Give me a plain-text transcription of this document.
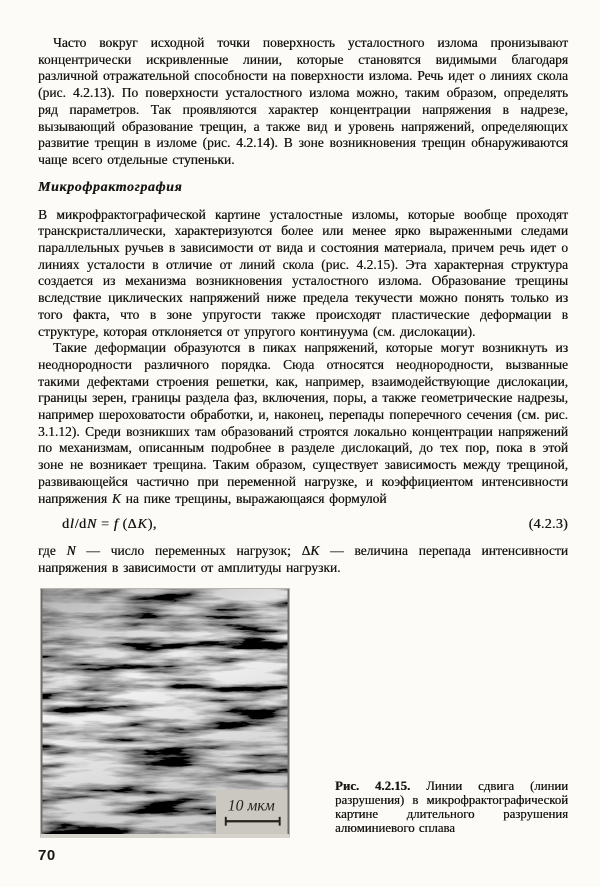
Часто вокруг исходной точки поверхность усталостного излома пронизывают концентрически искривленные линии, которые становятся видимыми благодаря различной отражательной способности на поверхности излома. Речь идет о линиях скола (рис. 4.2.13). По поверхности усталостного излома можно, таким образом, определять ряд параметров. Так проявляются характер концентрации напряжения в надрезе, вызывающий образование трещин, а также вид и уровень напряжений, определяющих развитие трещин в изломе (рис. 4.2.14). В зоне возникновения трещин обнаруживаются чаще всего отдельные ступеньки.

Микрофрактография

В микрофрактографической картине усталостные изломы, которые вообще проходят транскристаллически, характеризуются более или менее ярко выраженными следами параллельных ручьев в зависимости от вида и состояния материала, причем речь идет о линиях усталости в отличие от линий скола (рис. 4.2.15). Эта характерная структура создается из механизма возникновения усталостного излома. Образование трещины вследствие циклических напряжений ниже предела текучести можно понять только из того факта, что в зоне упругости также происходят пластические деформации в структуре, которая отклоняется от упругого континуума (см. дислокации).

Такие деформации образуются в пиках напряжений, которые могут возникнуть из неоднородности различного порядка. Сюда относятся неоднородности, вызванные такими дефектами строения решетки, как, например, взаимодействующие дислокации, границы зерен, границы раздела фаз, включения, поры, а также геометрические надрезы, например шероховатости обработки, и, наконец, перепады поперечного сечения (см. рис. 3.1.12). Среди возникших там образований строятся локально концентрации напряжений по механизмам, описанным подробнее в разделе дислокаций, до тех пор, пока в этой зоне не возникает трещина. Таким образом, существует зависимость между трещиной, развивающейся частично при переменной нагрузке, и коэффициентом интенсивности напряжения K на пике трещины, выражающаяся формулой

dl/dN = f (ΔK),	(4.2.3)

где N — число переменных нагрузок; ΔK — величина перепада интенсивности напряжения в зависимости от амплитуды нагрузки.

10 мкм
Рис. 4.2.15. Линии сдвига (линии разрушения) в микрофрактографической картине длительного разрушения алюминиевого сплава
70
